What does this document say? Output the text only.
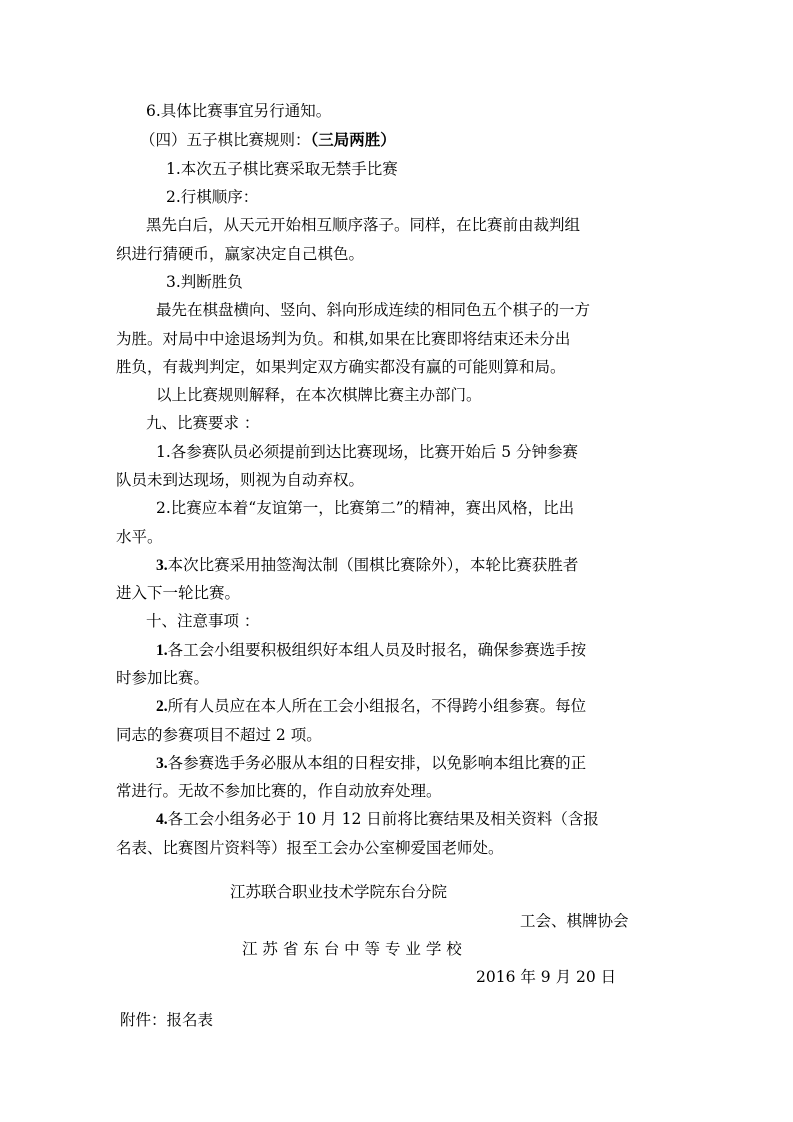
6.具体比赛事宜另行通知。
（四）五子棋比赛规则：（三局两胜）
1.本次五子棋比赛采取无禁手比赛
2.行棋顺序：
黑先白后，从天元开始相互顺序落子。同样，在比赛前由裁判组
织进行猜硬币，赢家决定自己棋色。
3.判断胜负
最先在棋盘横向、竖向、斜向形成连续的相同色五个棋子的一方
为胜。对局中中途退场判为负。和棋,如果在比赛即将结束还未分出
胜负，有裁判判定，如果判定双方确实都没有赢的可能则算和局。
以上比赛规则解释，在本次棋牌比赛主办部门。
九、比赛要求 ：
1.各参赛队员必须提前到达比赛现场，比赛开始后 5 分钟参赛
队员未到达现场，则视为自动弃权。
2.比赛应本着“友谊第一，比赛第二”的精神，赛出风格，比出
水平。
3.本次比赛采用抽签淘汰制（围棋比赛除外），本轮比赛获胜者
进入下一轮比赛。
十、注意事项 ：
1.各工会小组要积极组织好本组人员及时报名，确保参赛选手按
时参加比赛。
2.所有人员应在本人所在工会小组报名，不得跨小组参赛。每位
同志的参赛项目不超过 2 项。
3.各参赛选手务必服从本组的日程安排，以免影响本组比赛的正
常进行。无故不参加比赛的，作自动放弃处理。
4.各工会小组务必于 10 月 12 日前将比赛结果及相关资料（含报
名表、比赛图片资料等）报至工会办公室柳爱国老师处。
江苏联合职业技术学院东台分院
工会、棋牌协会
江 苏 省 东 台 中 等 专 业 学 校
2016 年 9 月 20 日
附件：报名表
